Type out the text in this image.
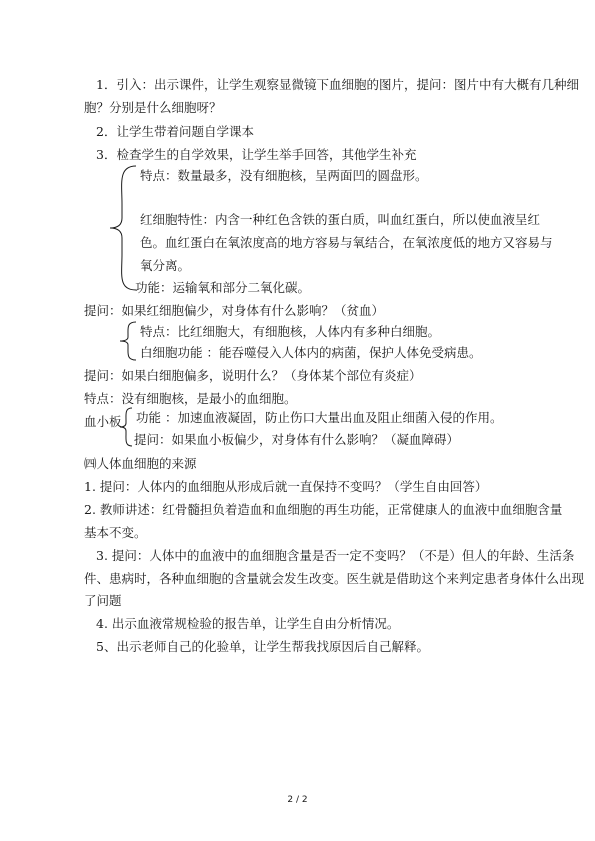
1．引入：出示课件，让学生观察显微镜下血细胞的图片，提问：图片中有大概有几种细
胞？分别是什么细胞呀？
2．让学生带着问题自学课本
3．检查学生的自学效果，让学生举手回答，其他学生补充
特点：数量最多，没有细胞核，呈两面凹的圆盘形。
红细胞特性：内含一种红色含铁的蛋白质，叫血红蛋白，所以使血液呈红
色。血红蛋白在氧浓度高的地方容易与氧结合，在氧浓度低的地方又容易与
氧分离。
功能：运输氧和部分二氧化碳。
提问：如果红细胞偏少，对身体有什么影响？（贫血）
特点：比红细胞大，有细胞核，人体内有多种白细胞。
白细胞功能 ：能吞噬侵入人体内的病菌，保护人体免受病患。
提问：如果白细胞偏多，说明什么？（身体某个部位有炎症）
特点：没有细胞核，是最小的血细胞。
血小板 功能 ：加速血液凝固，防止伤口大量出血及阻止细菌入侵的作用。
提问：如果血小板偏少，对身体有什么影响？（凝血障碍）
㈣人体血细胞的来源
1. 提问：人体内的血细胞从形成后就一直保持不变吗？（学生自由回答）
2. 教师讲述：红骨髓担负着造血和血细胞的再生功能，正常健康人的血液中血细胞含量
基本不变。
3. 提问：人体中的血液中的血细胞含量是否一定不变吗？（不是）但人的年龄、生活条
件、患病时，各种血细胞的含量就会发生改变。医生就是借助这个来判定患者身体什么出现
了问题
4. 出示血液常规检验的报告单，让学生自由分析情况。
5、出示老师自己的化验单，让学生帮我找原因后自己解释。
2 / 2
